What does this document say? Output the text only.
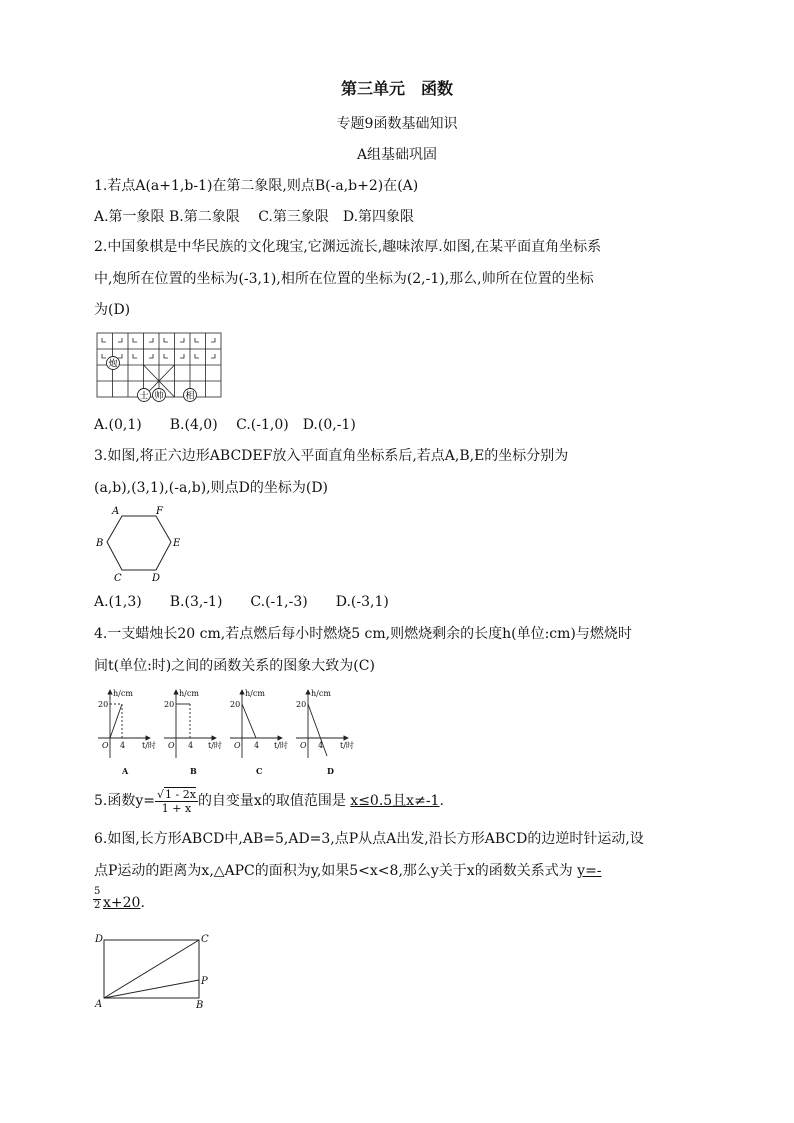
第三单元　函数
专题9函数基础知识
A组基础巩固
1.若点A(a+1,b-1)在第二象限,则点B(-a,b+2)在(A)
A.第一象限 B.第二象限　 C.第三象限　D.第四象限
2.中国象棋是中华民族的文化瑰宝,它渊远流长,趣味浓厚.如图,在某平面直角坐标系
中,炮所在位置的坐标为(-3,1),相所在位置的坐标为(2,-1),那么,帅所在位置的坐标
为(D)
炮
士 帅 相
A.(0,1)　　B.(4,0)　 C.(-1,0)　D.(0,-1)
3.如图,将正六边形ABCDEF放入平面直角坐标系后,若点A,B,E的坐标分别为
(a,b),(3,1),(-a,b),则点D的坐标为(D)
A	F
B	E
C	D
A.(1,3)　　B.(3,-1)　　C.(-1,-3)　　D.(-3,1)
4.一支蜡烛长20 cm,若点燃后每小时燃烧5 cm,则燃烧剩余的长度h(单位:cm)与燃烧时
间t(单位:时)之间的函数关系的图象大致为(C)
h/cm
20
O 4 t/时
A
h/cm
20
O 4 t/时
B
h/cm
20
O 4 t/时
C
h/cm
20
O 4 t/时
D
5.函数$y= \frac{√1 - 2x}{1 + x}$ 的自变量x的取值范围是 x≤0.5且x≠-1.
6.如图,长方形ABCD中,AB=5,AD=3,点P从点A出发,沿长方形ABCD的边逆时针运动,设
点P运动的距离为x,△APC的面积为y,如果5<x<8,那么y关于x的函数关系式为 y=-
5
2 x+20.
D	C
P
A	B
